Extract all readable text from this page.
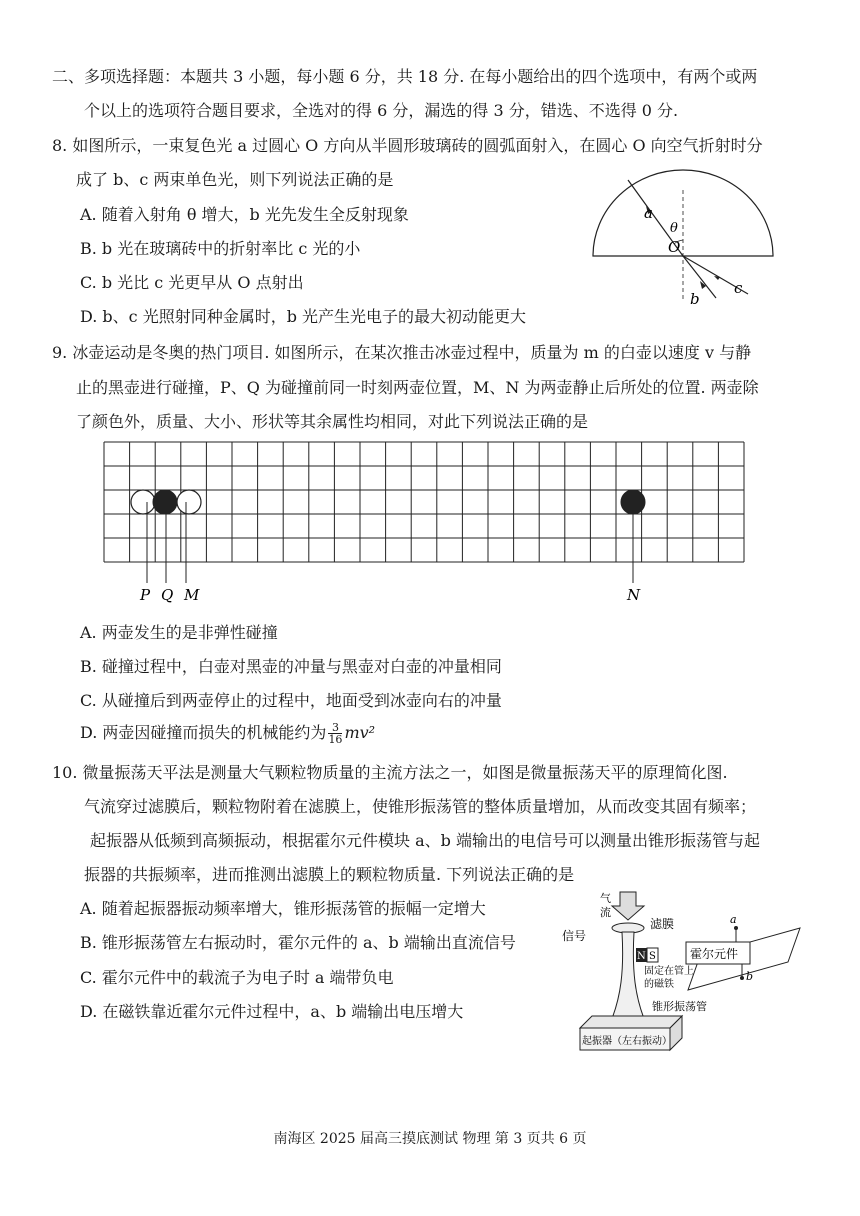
二、多项选择题：本题共 3 小题，每小题 6 分，共 18 分. 在每小题给出的四个选项中，有两个或两
个以上的选项符合题目要求，全选对的得 6 分，漏选的得 3 分，错选、不选得 0 分.
8. 如图所示，一束复色光 a 过圆心 O 方向从半圆形玻璃砖的圆弧面射入，在圆心 O 向空气折射时分
成了 b、c 两束单色光，则下列说法正确的是
A. 随着入射角 θ 增大，b 光先发生全反射现象
B. b 光在玻璃砖中的折射率比 c 光的小
C. b 光比 c 光更早从 O 点射出
D. b、c 光照射同种金属时，b 光产生光电子的最大初动能更大
a
θ
O
b
c
9. 冰壶运动是冬奥的热门项目. 如图所示，在某次推击冰壶过程中，质量为 m 的白壶以速度 v 与静
止的黑壶进行碰撞，P、Q 为碰撞前同一时刻两壶位置，M、N 为两壶静止后所处的位置. 两壶除
了颜色外，质量、大小、形状等其余属性均相同，对此下列说法正确的是
P Q M	N
A. 两壶发生的是非弹性碰撞
B. 碰撞过程中，白壶对黑壶的冲量与黑壶对白壶的冲量相同
C. 从碰撞后到两壶停止的过程中，地面受到冰壶向右的冲量
D. 两壶因碰撞而损失的机械能约为 $\frac{3}{16} mv^2$
10. 微量振荡天平法是测量大气颗粒物质量的主流方法之一，如图是微量振荡天平的原理简化图.
气流穿过滤膜后，颗粒物附着在滤膜上，使锥形振荡管的整体质量增加，从而改变其固有频率；
起振器从低频到高频振动，根据霍尔元件模块 a、b 端输出的电信号可以测量出锥形振荡管与起
振器的共振频率，进而推测出滤膜上的颗粒物质量. 下列说法正确的是
A. 随着起振器振动频率增大，锥形振荡管的振幅一定增大
B. 锥形振荡管左右振动时，霍尔元件的 a、b 端输出直流信号
C. 霍尔元件中的载流子为电子时 a 端带负电
D. 在磁铁靠近霍尔元件过程中，a、b 端输出电压增大
气
流
滤膜
信号
N S
固定在管上
的磁铁
锥形振荡管
霍尔元件
a
b
起振器（左右振动）
南海区 2025 届高三摸底测试 物理 第 3 页共 6 页
